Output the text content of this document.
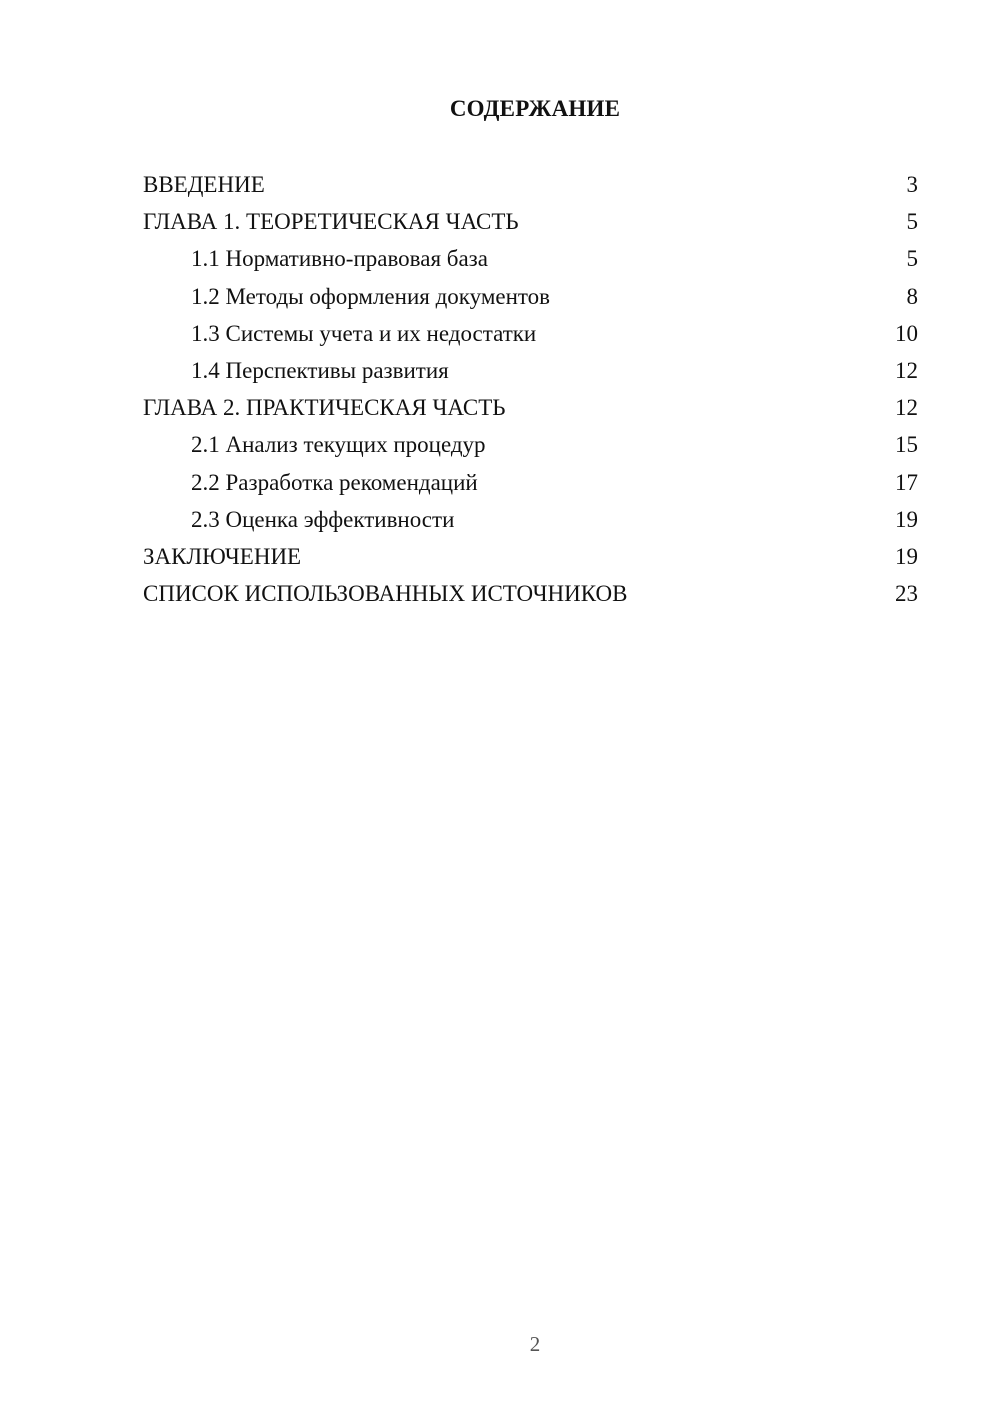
СОДЕРЖАНИЕ
ВВЕДЕНИЕ	3
ГЛАВА 1. ТЕОРЕТИЧЕСКАЯ ЧАСТЬ	5
1.1 Нормативно-правовая база	5
1.2 Методы оформления документов	8
1.3 Системы учета и их недостатки	10
1.4 Перспективы развития	12
ГЛАВА 2. ПРАКТИЧЕСКАЯ ЧАСТЬ	12
2.1 Анализ текущих процедур	15
2.2 Разработка рекомендаций	17
2.3 Оценка эффективности	19
ЗАКЛЮЧЕНИЕ	19
СПИСОК ИСПОЛЬЗОВАННЫХ ИСТОЧНИКОВ	23
2
